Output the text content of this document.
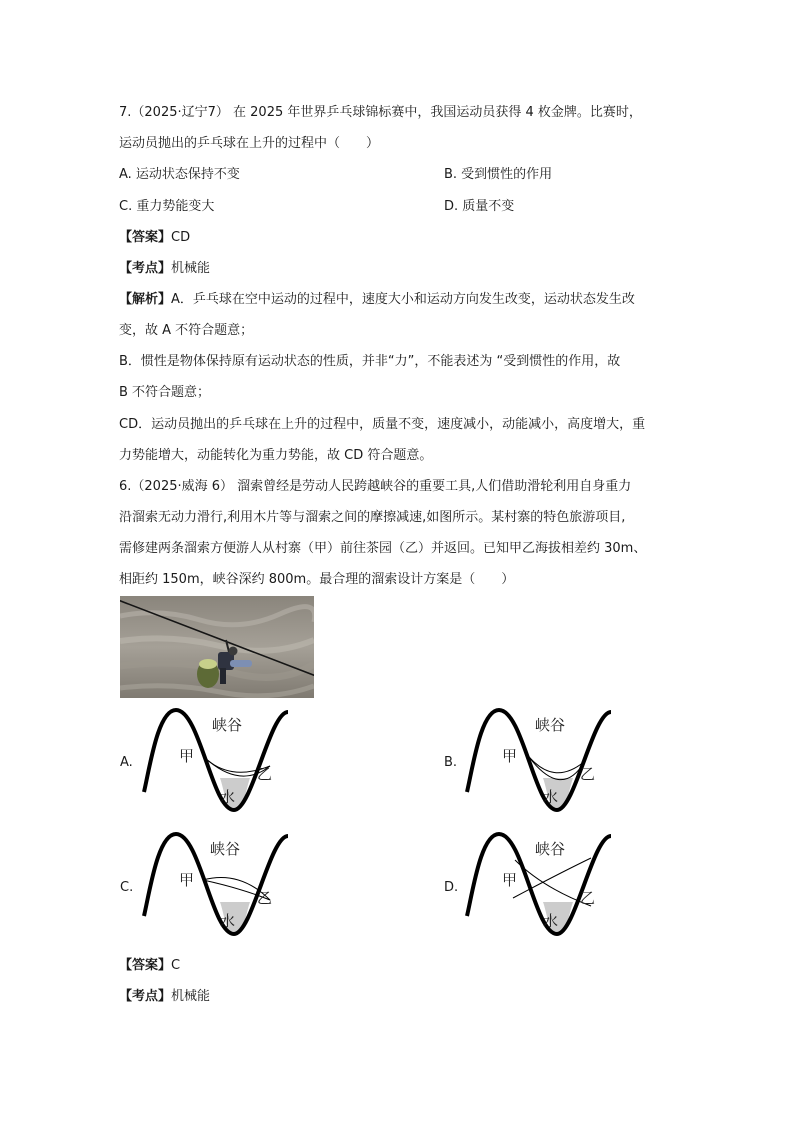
7.（2025·辽宁7） 在 2025 年世界乒乓球锦标赛中，我国运动员获得 4 枚金牌。比赛时，
运动员抛出的乒乓球在上升的过程中（　　）
A. 运动状态保持不变	B. 受到惯性的作用
C. 重力势能变大	D. 质量不变
【答案】CD
【考点】机械能
【解析】A．乒乓球在空中运动的过程中，速度大小和运动方向发生改变，运动状态发生改
变，故 A 不符合题意；
B．惯性是物体保持原有运动状态的性质，并非“力”，不能表述为 “受到惯性的作用，故
B 不符合题意；
CD．运动员抛出的乒乓球在上升的过程中，质量不变，速度减小，动能减小，高度增大，重
力势能增大，动能转化为重力势能，故 CD 符合题意。
6.（2025·威海 6） 溜索曾经是劳动人民跨越峡谷的重要工具,人们借助滑轮利用自身重力
沿溜索无动力滑行,利用木片等与溜索之间的摩擦减速,如图所示。某村寨的特色旅游项目,
需修建两条溜索方便游人从村寨（甲）前往茶园（乙）并返回。已知甲乙海拔相差约 30m、
相距约 150m，峡谷深约 800m。最合理的溜索设计方案是（　　）
A.
峡谷
甲
乙
水
B.
峡谷
甲
乙
水
C.
峡谷
甲
乙
水
D.
峡谷
甲
乙
水
【答案】C
【考点】机械能
